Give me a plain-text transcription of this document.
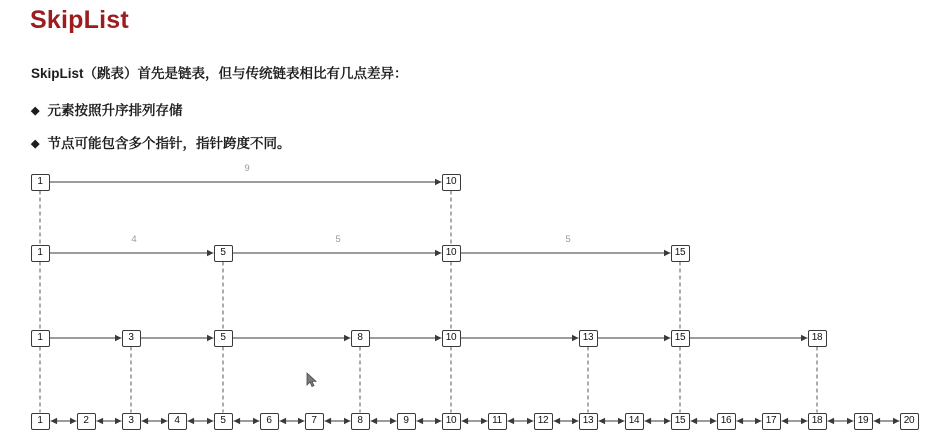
SkipList
SkipList（跳表）首先是链表，但与传统链表相比有几点差异：
◆ 元素按照升序排列存储
◆ 节点可能包含多个指针，指针跨度不同。
1	10
1	5	10	15
1	3	5	8	10	13	15	18
1	2	3	4	5	6	7	8	9	10	11	12	13	14	15	16	17	18	19	20
9
4	5	5
